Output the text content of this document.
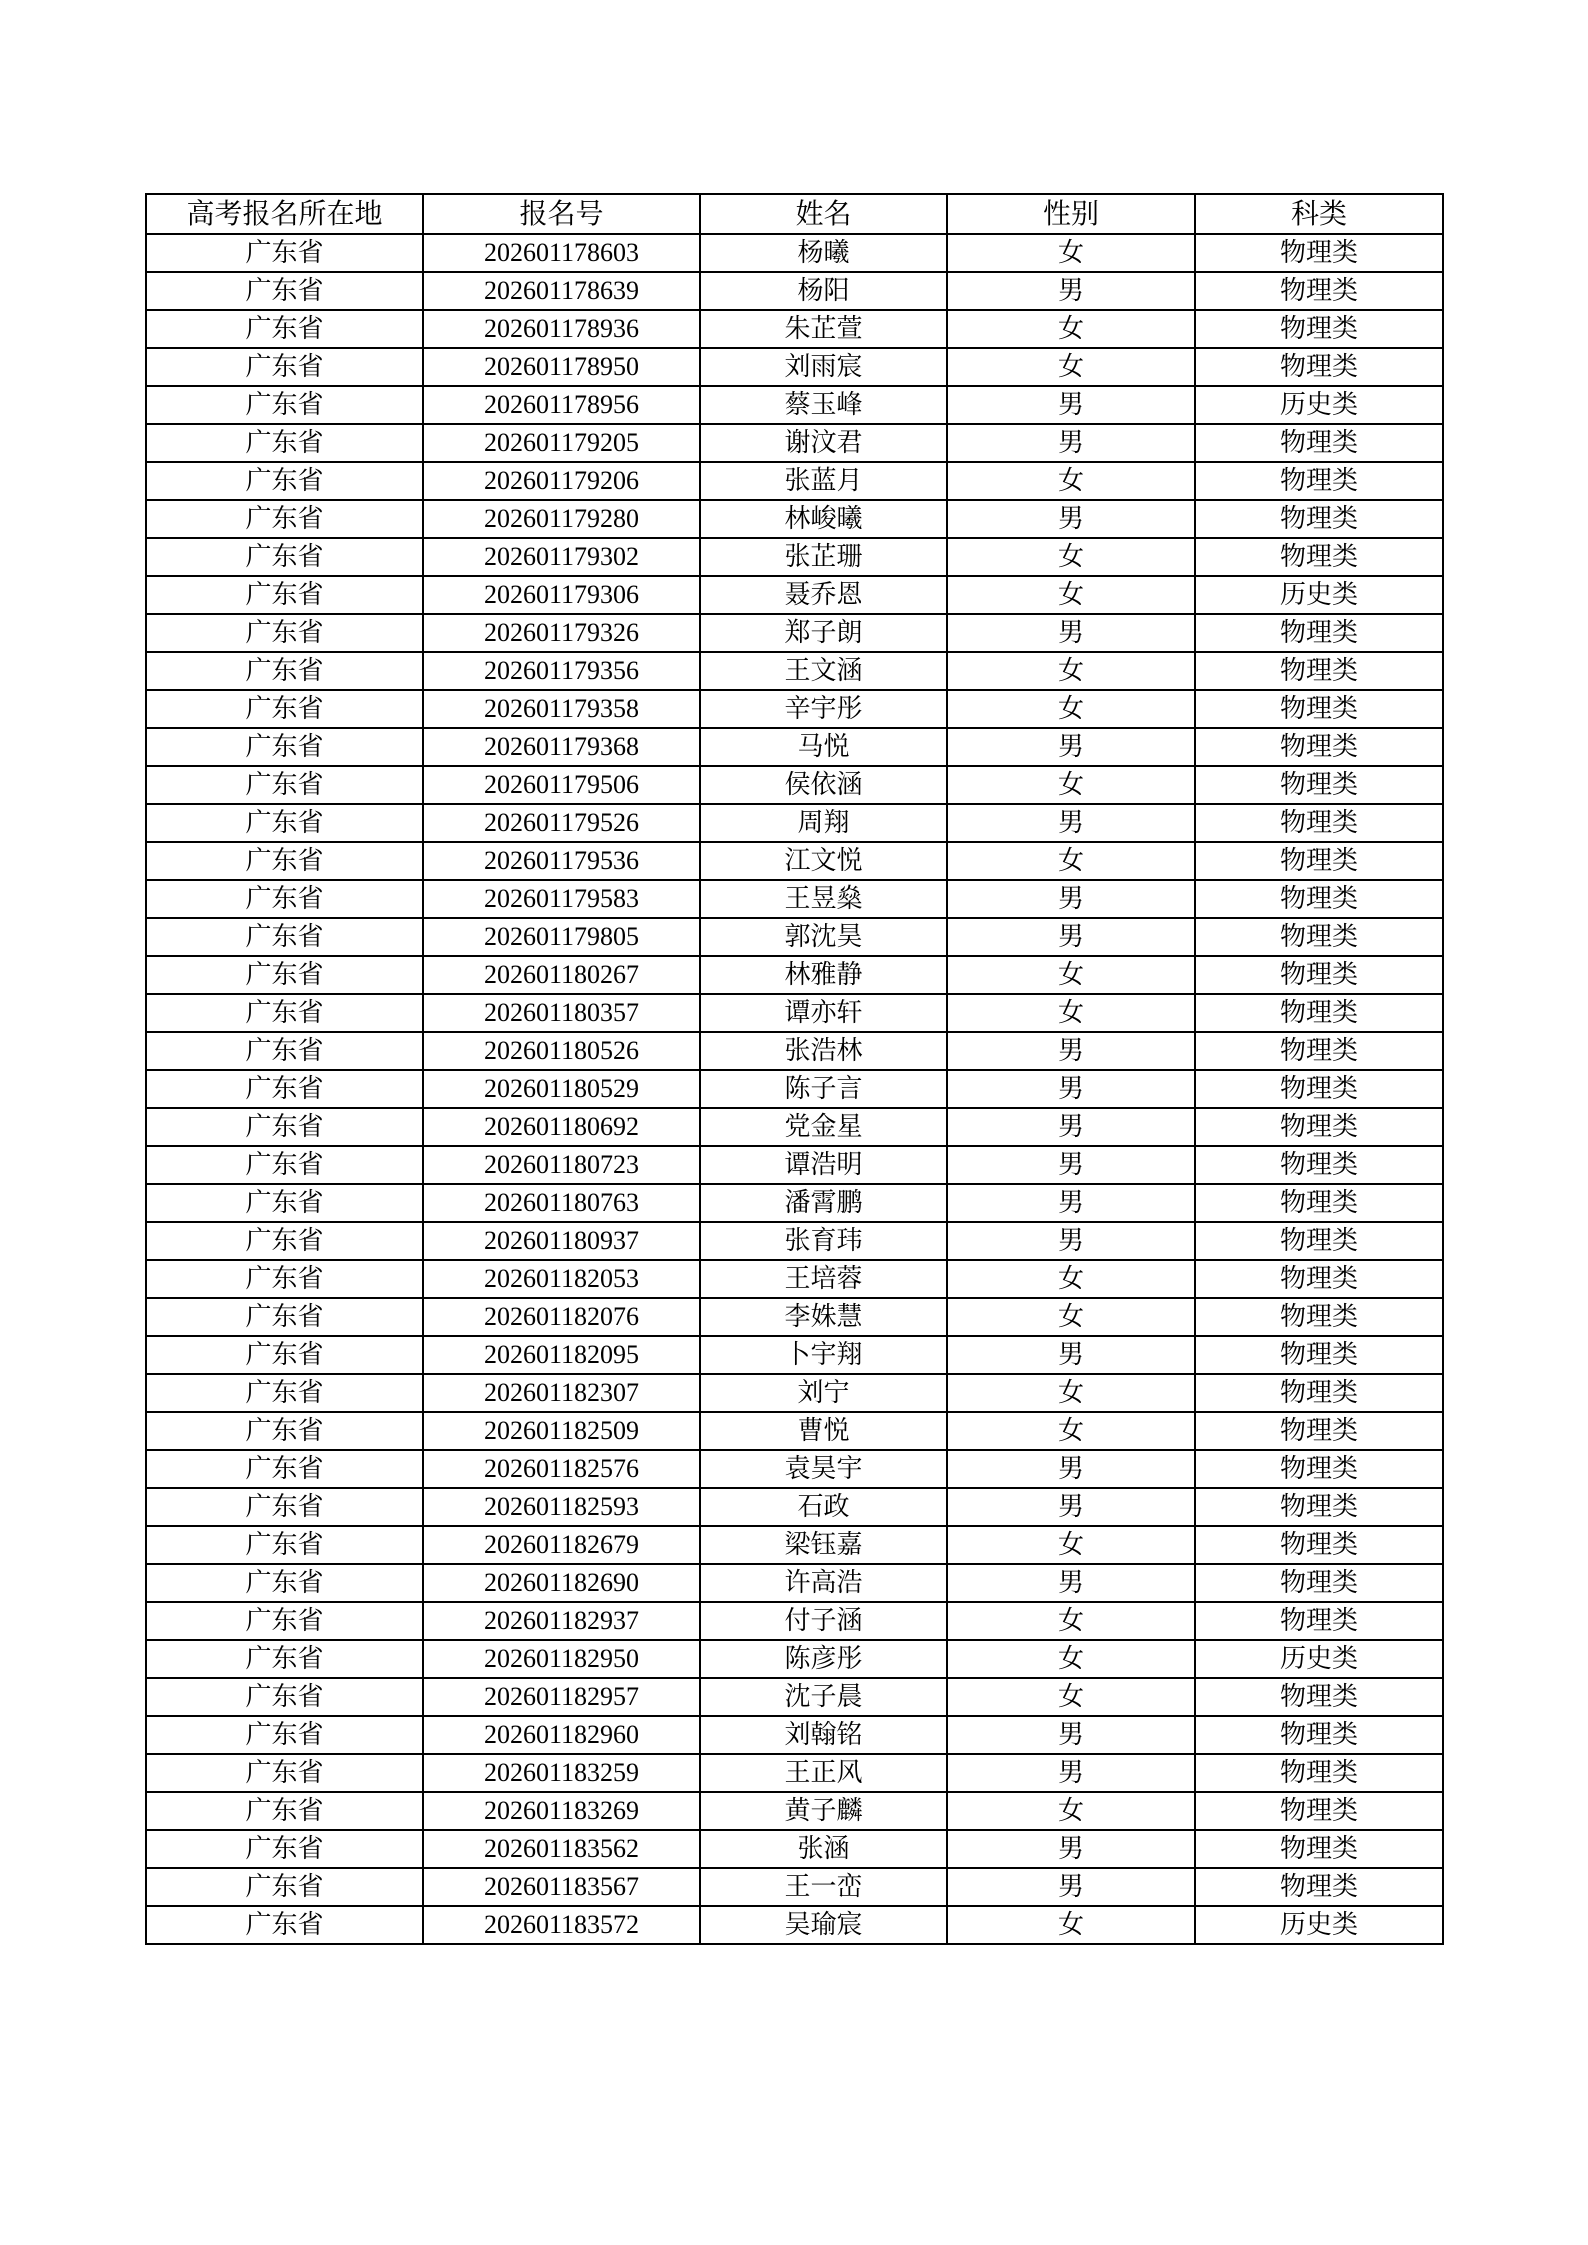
高考报名所在地	报名号	姓名	性别	科类
广东省	202601178603	杨曦	女	物理类
广东省	202601178639	杨阳	男	物理类
广东省	202601178936	朱芷萱	女	物理类
广东省	202601178950	刘雨宸	女	物理类
广东省	202601178956	蔡玉峰	男	历史类
广东省	202601179205	谢汶君	男	物理类
广东省	202601179206	张蓝月	女	物理类
广东省	202601179280	林峻曦	男	物理类
广东省	202601179302	张芷珊	女	物理类
广东省	202601179306	聂乔恩	女	历史类
广东省	202601179326	郑子朗	男	物理类
广东省	202601179356	王文涵	女	物理类
广东省	202601179358	辛宇彤	女	物理类
广东省	202601179368	马悦	男	物理类
广东省	202601179506	侯依涵	女	物理类
广东省	202601179526	周翔	男	物理类
广东省	202601179536	江文悦	女	物理类
广东省	202601179583	王昱燊	男	物理类
广东省	202601179805	郭沈昊	男	物理类
广东省	202601180267	林雅静	女	物理类
广东省	202601180357	谭亦轩	女	物理类
广东省	202601180526	张浩林	男	物理类
广东省	202601180529	陈子言	男	物理类
广东省	202601180692	党金星	男	物理类
广东省	202601180723	谭浩明	男	物理类
广东省	202601180763	潘霄鹏	男	物理类
广东省	202601180937	张育玮	男	物理类
广东省	202601182053	王培蓉	女	物理类
广东省	202601182076	李姝慧	女	物理类
广东省	202601182095	卜宇翔	男	物理类
广东省	202601182307	刘宁	女	物理类
广东省	202601182509	曹悦	女	物理类
广东省	202601182576	袁昊宇	男	物理类
广东省	202601182593	石政	男	物理类
广东省	202601182679	梁钰嘉	女	物理类
广东省	202601182690	许高浩	男	物理类
广东省	202601182937	付子涵	女	物理类
广东省	202601182950	陈彦彤	女	历史类
广东省	202601182957	沈子晨	女	物理类
广东省	202601182960	刘翰铭	男	物理类
广东省	202601183259	王正风	男	物理类
广东省	202601183269	黄子麟	女	物理类
广东省	202601183562	张涵	男	物理类
广东省	202601183567	王一峦	男	物理类
广东省	202601183572	吴瑜宸	女	历史类
